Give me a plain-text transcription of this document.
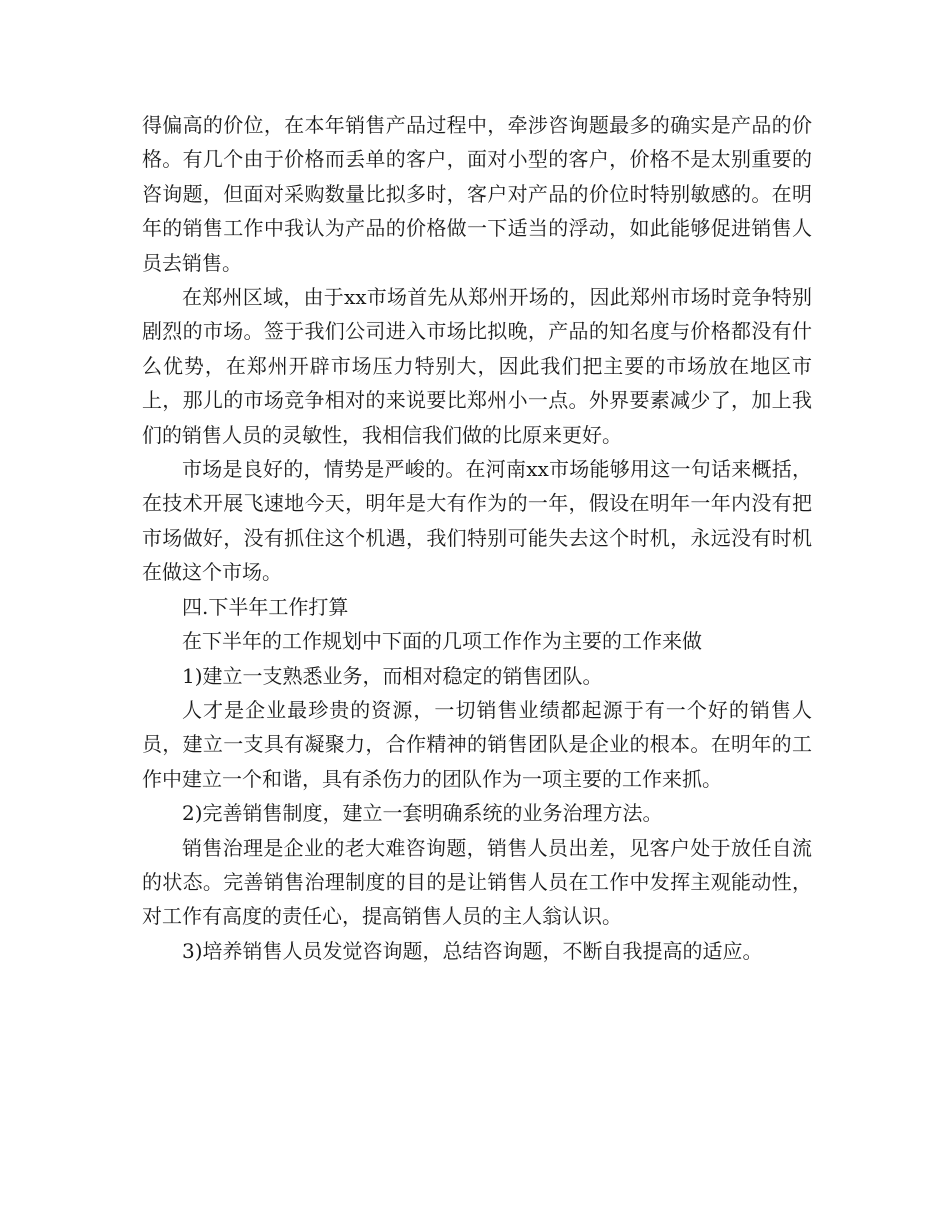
得偏高的价位，在本年销售产品过程中，牵涉咨询题最多的确实是产品的价格。有几个由于价格而丢单的客户，面对小型的客户，价格不是太别重要的咨询题，但面对采购数量比拟多时，客户对产品的价位时特别敏感的。在明年的销售工作中我认为产品的价格做一下适当的浮动，如此能够促进销售人员去销售。

在郑州区域，由于xx市场首先从郑州开场的，因此郑州市场时竞争特别剧烈的市场。签于我们公司进入市场比拟晚，产品的知名度与价格都没有什么优势，在郑州开辟市场压力特别大，因此我们把主要的市场放在地区市上，那儿的市场竞争相对的来说要比郑州小一点。外界要素减少了，加上我们的销售人员的灵敏性，我相信我们做的比原来更好。

市场是良好的，情势是严峻的。在河南xx市场能够用这一句话来概括，在技术开展飞速地今天，明年是大有作为的一年，假设在明年一年内没有把市场做好，没有抓住这个机遇，我们特别可能失去这个时机，永远没有时机在做这个市场。

四.下半年工作打算

在下半年的工作规划中下面的几项工作作为主要的工作来做

1)建立一支熟悉业务，而相对稳定的销售团队。

人才是企业最珍贵的资源，一切销售业绩都起源于有一个好的销售人员，建立一支具有凝聚力，合作精神的销售团队是企业的根本。在明年的工作中建立一个和谐，具有杀伤力的团队作为一项主要的工作来抓。

2)完善销售制度，建立一套明确系统的业务治理方法。

销售治理是企业的老大难咨询题，销售人员出差，见客户处于放任自流的状态。完善销售治理制度的目的是让销售人员在工作中发挥主观能动性，对工作有高度的责任心，提高销售人员的主人翁认识。

3)培养销售人员发觉咨询题，总结咨询题，不断自我提高的适应。
